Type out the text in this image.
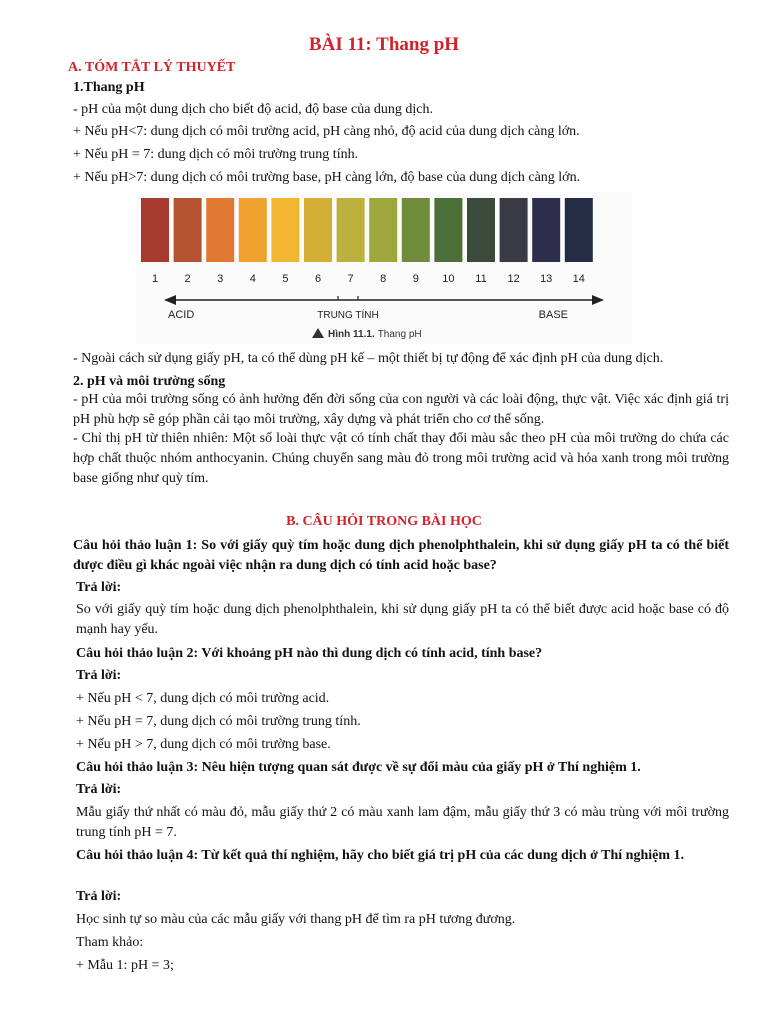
BÀI 11: Thang pH
A. TÓM TẮT LÝ THUYẾT
1.Thang pH
- pH của một dung dịch cho biết độ acid, độ base của dung dịch.
+ Nếu pH<7: dung dịch có môi trường acid, pH càng nhỏ, độ acid của dung dịch càng lớn.
+ Nếu pH = 7: dung dịch có môi trường trung tính.
+ Nếu pH>7: dung dịch có môi trường base, pH càng lớn, độ base của dung dịch càng lớn.
1 2 3 4 5 6 7 8 9 10 11 12 13 14
ACID	TRUNG TÍNH	BASE
Hình 11.1. Thang pH
- Ngoài cách sử dụng giấy pH, ta có thể dùng pH kế – một thiết bị tự động để xác định pH của dung dịch.
2. pH và môi trường sống
- pH của môi trường sống có ảnh hưởng đến đời sống của con người và các loài động, thực vật. Việc xác định giá trị pH phù hợp sẽ góp phần cải tạo môi trường, xây dựng và phát triển cho cơ thể sống.
- Chỉ thị pH từ thiên nhiên: Một số loài thực vật có tính chất thay đổi màu sắc theo pH của môi trường do chứa các hợp chất thuộc nhóm anthocyanin. Chúng chuyển sang màu đỏ trong môi trường acid và hóa xanh trong môi trường base giống như quỳ tím.
B. CÂU HỎI TRONG BÀI HỌC
Câu hỏi thảo luận 1: So với giấy quỳ tím hoặc dung dịch phenolphthalein, khi sử dụng giấy pH ta có thể biết được điều gì khác ngoài việc nhận ra dung dịch có tính acid hoặc base?
Trả lời:
So với giấy quỳ tím hoặc dung dịch phenolphthalein, khi sử dụng giấy pH ta có thể biết được acid hoặc base có độ mạnh hay yếu.
Câu hỏi thảo luận 2: Với khoảng pH nào thì dung dịch có tính acid, tính base?
Trả lời:
+ Nếu pH < 7, dung dịch có môi trường acid.
+ Nếu pH = 7, dung dịch có môi trường trung tính.
+ Nếu pH > 7, dung dịch có môi trường base.
Câu hỏi thảo luận 3: Nêu hiện tượng quan sát được về sự đổi màu của giấy pH ở Thí nghiệm 1.
Trả lời:
Mẫu giấy thứ nhất có màu đỏ, mẫu giấy thứ 2 có màu xanh lam đậm, mẫu giấy thứ 3 có màu trùng với môi trường trung tính pH = 7.
Câu hỏi thảo luận 4: Từ kết quả thí nghiệm, hãy cho biết giá trị pH của các dung dịch ở Thí nghiệm 1.
Trả lời:
Học sinh tự so màu của các mẫu giấy với thang pH để tìm ra pH tương đương.
Tham khảo:
+ Mẫu 1: pH = 3;
